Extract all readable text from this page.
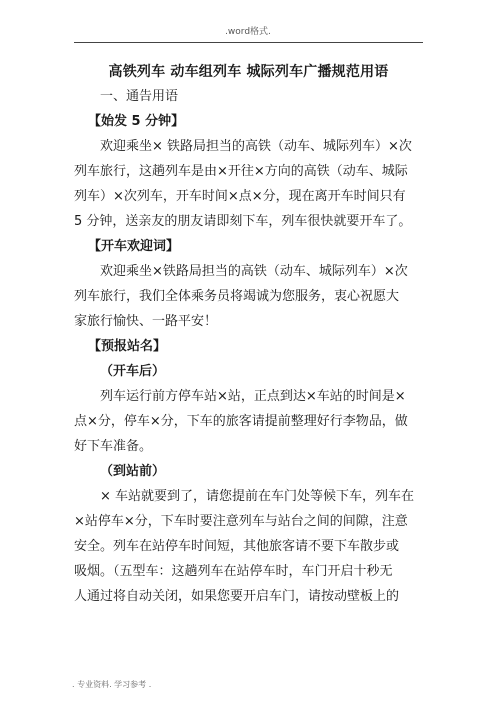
.word格式.
高铁列车 动车组列车 城际列车广播规范用语
一、通告用语
【始发 5 分钟】
欢迎乘坐× 铁路局担当的高铁（动车、城际列车）×次
列车旅行，这趟列车是由×开往×方向的高铁（动车、城际
列车）×次列车，开车时间×点×分，现在离开车时间只有
5 分钟，送亲友的朋友请即刻下车，列车很快就要开车了。
【开车欢迎词】
欢迎乘坐×铁路局担当的高铁（动车、城际列车）×次
列车旅行，我们全体乘务员将竭诚为您服务，衷心祝愿大
家旅行愉快、一路平安！
【预报站名】
（开车后）
列车运行前方停车站×站，正点到达×车站的时间是×
点×分，停车×分，下车的旅客请提前整理好行李物品，做
好下车准备。
（到站前）
× 车站就要到了，请您提前在车门处等候下车，列车在
×站停车×分，下车时要注意列车与站台之间的间隙，注意
安全。列车在站停车时间短，其他旅客请不要下车散步或
吸烟。（五型车：这趟列车在站停车时，车门开启十秒无
人通过将自动关闭，如果您要开启车门，请按动壁板上的
. 专业资料. 学习参考 .
